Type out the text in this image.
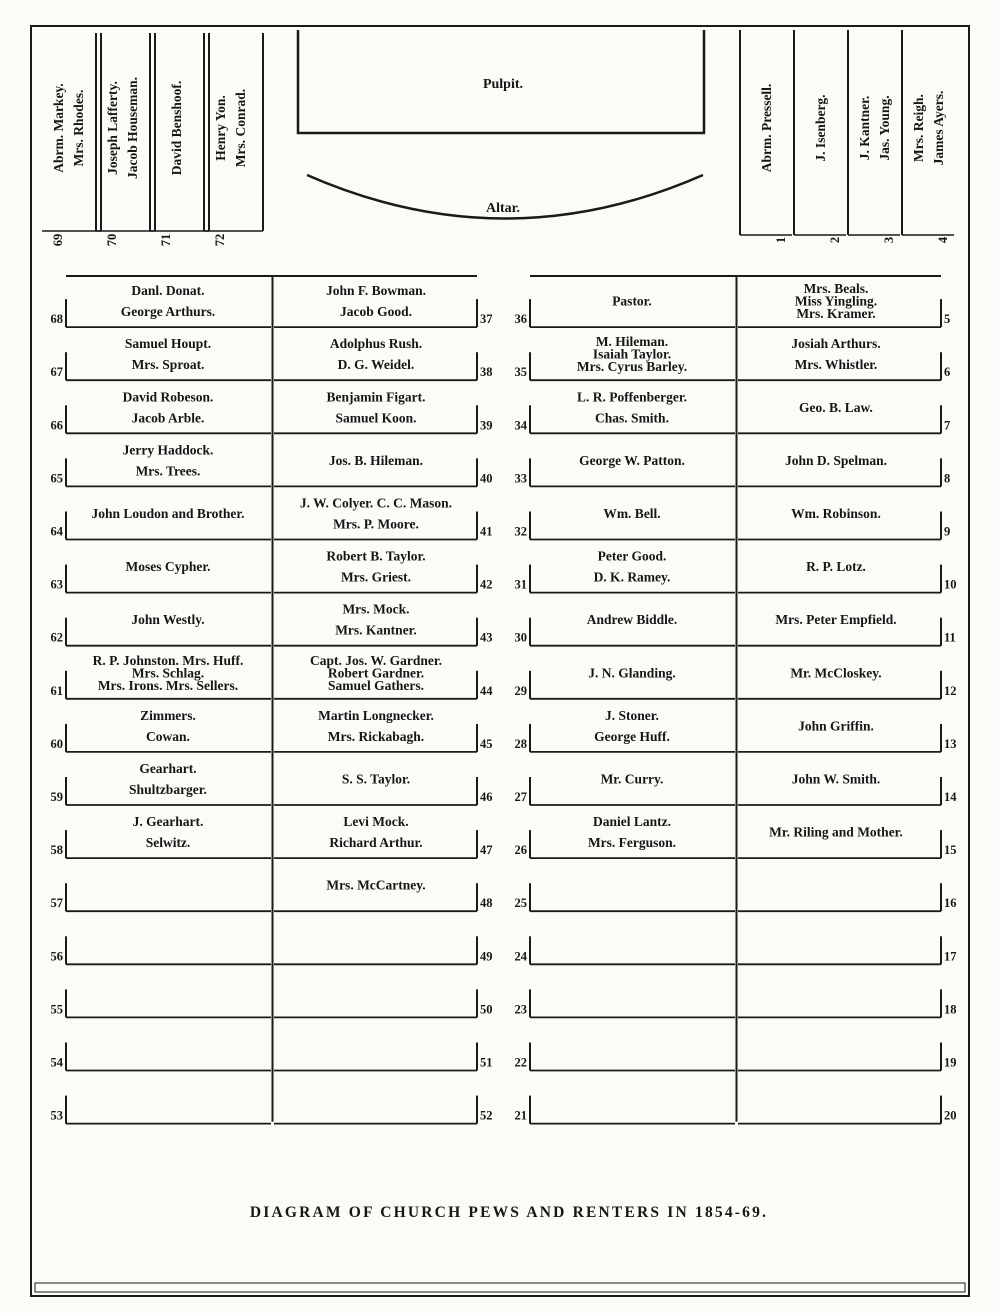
Pulpit.
Altar.
Abrm. Markey. Mrs. Rhodes.
69
Joseph Lafferty. Jacob Houseman.
70
David Benshoof.
71
Henry Yon. Mrs. Conrad.
72
Abrm. Pressell.
1
J. Isenberg.
2
J. Kantner. Jas. Young.
3
Mrs. Reigh. James Ayers.
4
68
Danl. Donat.
George Arthurs.
67
Samuel Houpt.
Mrs. Sproat.
66
David Robeson.
Jacob Arble.
65
Jerry Haddock.
Mrs. Trees.
64
John Loudon and Brother.
63
Moses Cypher.
62
John Westly.
61
R. P. Johnston. Mrs. Huff.
Mrs. Schlag.
Mrs. Irons. Mrs. Sellers.
60
Zimmers.
Cowan.
59
Gearhart.
Shultzbarger.
58
J. Gearhart.
Selwitz.
57
56
55
54
53
37
John F. Bowman.
Jacob Good.
38
Adolphus Rush.
D. G. Weidel.
39
Benjamin Figart.
Samuel Koon.
40
Jos. B. Hileman.
41
J. W. Colyer. C. C. Mason.
Mrs. P. Moore.
42
Robert B. Taylor.
Mrs. Griest.
43
Mrs. Mock.
Mrs. Kantner.
44
Capt. Jos. W. Gardner.
Robert Gardner.
Samuel Gathers.
45
Martin Longnecker.
Mrs. Rickabagh.
46
S. S. Taylor.
47
Levi Mock.
Richard Arthur.
48
Mrs. McCartney.
49
50
51
52
36
Pastor.
35
M. Hileman.
Isaiah Taylor.
Mrs. Cyrus Barley.
34
L. R. Poffenberger.
Chas. Smith.
33
George W. Patton.
32
Wm. Bell.
31
Peter Good.
D. K. Ramey.
30
Andrew Biddle.
29
J. N. Glanding.
28
J. Stoner.
George Huff.
27
Mr. Curry.
26
Daniel Lantz.
Mrs. Ferguson.
25
24
23
22
21
5
Mrs. Beals.
Miss Yingling.
Mrs. Kramer.
6
Josiah Arthurs.
Mrs. Whistler.
7
Geo. B. Law.
8
John D. Spelman.
9
Wm. Robinson.
10
R. P. Lotz.
11
Mrs. Peter Empfield.
12
Mr. McCloskey.
13
John Griffin.
14
John W. Smith.
15
Mr. Riling and Mother.
16
17
18
19
20
DIAGRAM OF CHURCH PEWS AND RENTERS IN 1854-69.
